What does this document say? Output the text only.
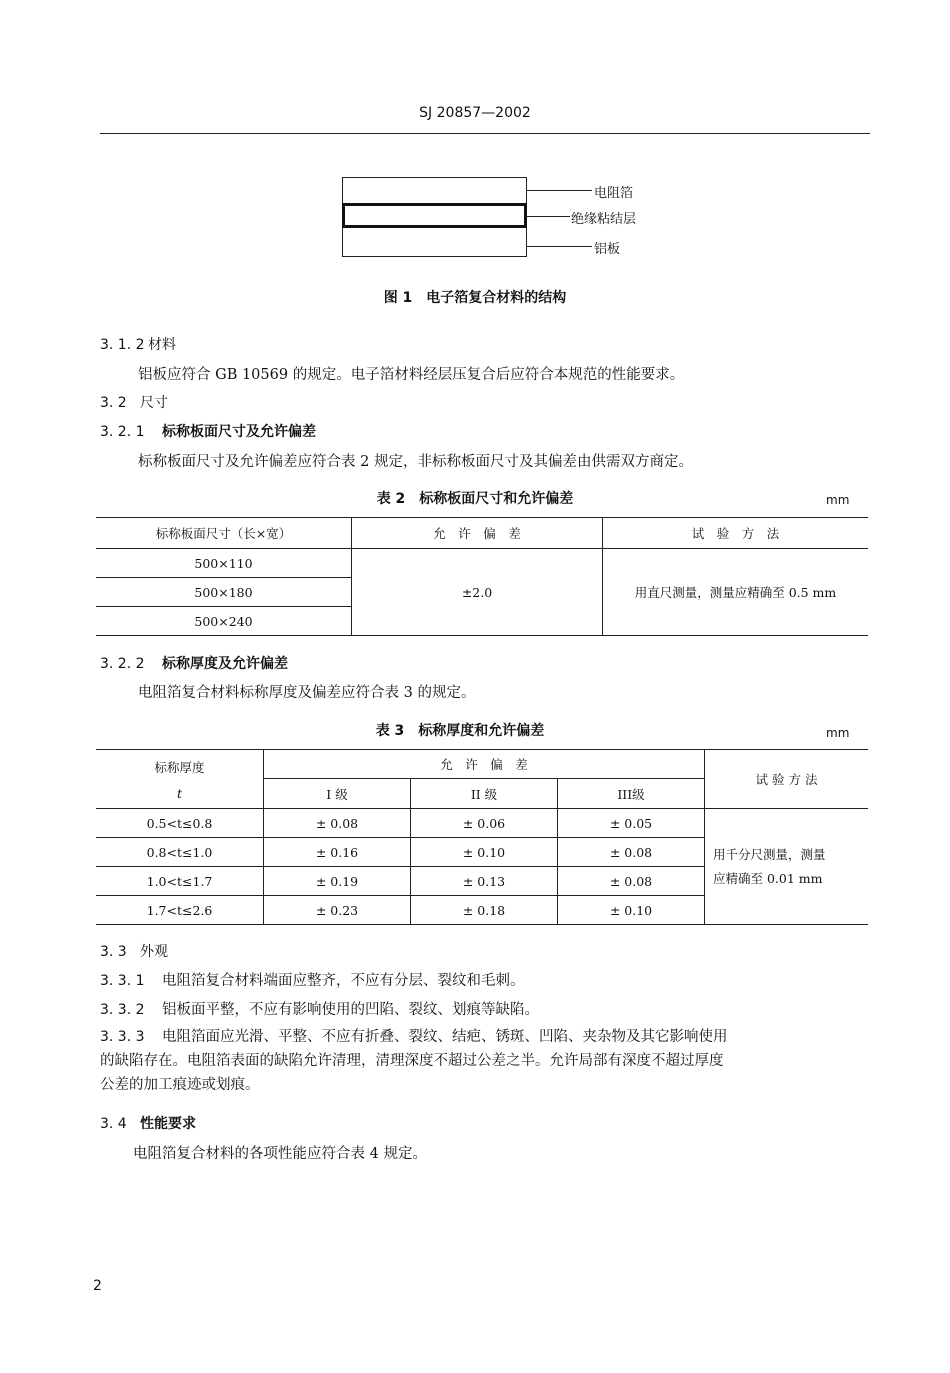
SJ 20857—2002
电阻箔
绝缘粘结层
铝板
图 1　电子箔复合材料的结构
3. 1. 2 材料
铝板应符合 GB 10569 的规定。电子箔材料经层压复合后应符合本规范的性能要求。
3. 2 尺寸
3. 2. 1 标称板面尺寸及允许偏差
标称板面尺寸及允许偏差应符合表 2 规定，非标称板面尺寸及其偏差由供需双方商定。
表 2　标称板面尺寸和允许偏差	mm
标称板面尺寸（长×宽）	允　许　偏　差	试　验　方　法
500×110	±2.0	用直尺测量，测量应精确至 0.5 mm
500×180		
500×240		
3. 2. 2 标称厚度及允许偏差
电阻箔复合材料标称厚度及偏差应符合表 3 的规定。
表 3　标称厚度和允许偏差	mm
标称厚度	允　许　偏　差			试 验 方 法
t	I 级	II 级	III级	
0.5<t≤0.8	± 0.08	± 0.06	± 0.05	用千分尺测量，测量
应精确至 0.01 mm
0.8<t≤1.0	± 0.16	± 0.10	± 0.08	
1.0<t≤1.7	± 0.19	± 0.13	± 0.08	
1.7<t≤2.6	± 0.23	± 0.18	± 0.10	
3. 3 外观
3. 3. 1 电阻箔复合材料端面应整齐，不应有分层、裂纹和毛刺。
3. 3. 2 铝板面平整，不应有影响使用的凹陷、裂纹、划痕等缺陷。
3. 3. 3 电阻箔面应光滑、平整、不应有折叠、裂纹、结疤、锈斑、凹陷、夹杂物及其它影响使用
的缺陷存在。电阻箔表面的缺陷允许清理，清理深度不超过公差之半。允许局部有深度不超过厚度
公差的加工痕迹或划痕。
3. 4 性能要求
电阻箔复合材料的各项性能应符合表 4 规定。
2
